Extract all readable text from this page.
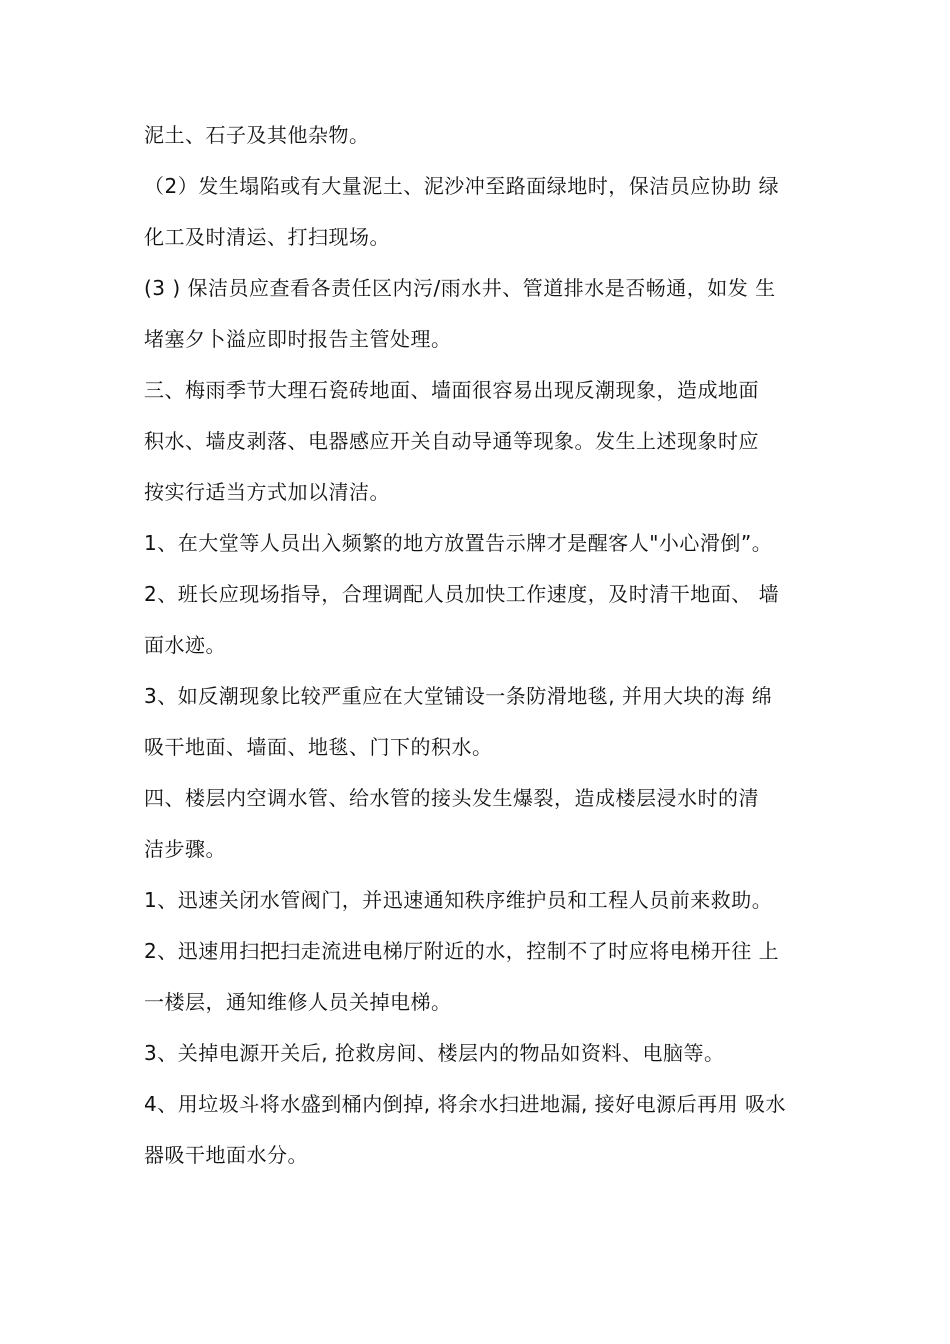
泥土、石子及其他杂物。
（2）发生塌陷或有大量泥土、泥沙冲至路面绿地时，保洁员应协助 绿
化工及时清运、打扫现场。
(3 ) 保洁员应查看各责任区内污/雨水井、管道排水是否畅通，如发 生
堵塞夕卜溢应即时报告主管处理。
三、梅雨季节大理石瓷砖地面、墙面很容易出现反潮现象，造成地面
积水、墙皮剥落、电器感应开关自动导通等现象。发生上述现象时应
按实行适当方式加以清洁。
1、在大堂等人员出入频繁的地方放置告示牌才是醒客人"小心滑倒”。
2、班长应现场指导，合理调配人员加快工作速度，及时清干地面、 墙
面水迹。
3、如反潮现象比较严重应在大堂铺设一条防滑地毯, 并用大块的海 绵
吸干地面、墙面、地毯、门下的积水。
四、楼层内空调水管、给水管的接头发生爆裂，造成楼层浸水时的清
洁步骤。
1、迅速关闭水管阀门，并迅速通知秩序维护员和工程人员前来救助。
2、迅速用扫把扫走流进电梯厅附近的水，控制不了时应将电梯开往 上
一楼层，通知维修人员关掉电梯。
3、关掉电源开关后, 抢救房间、楼层内的物品如资料、电脑等。
4、用垃圾斗将水盛到桶内倒掉, 将余水扫进地漏, 接好电源后再用 吸水
器吸干地面水分。
